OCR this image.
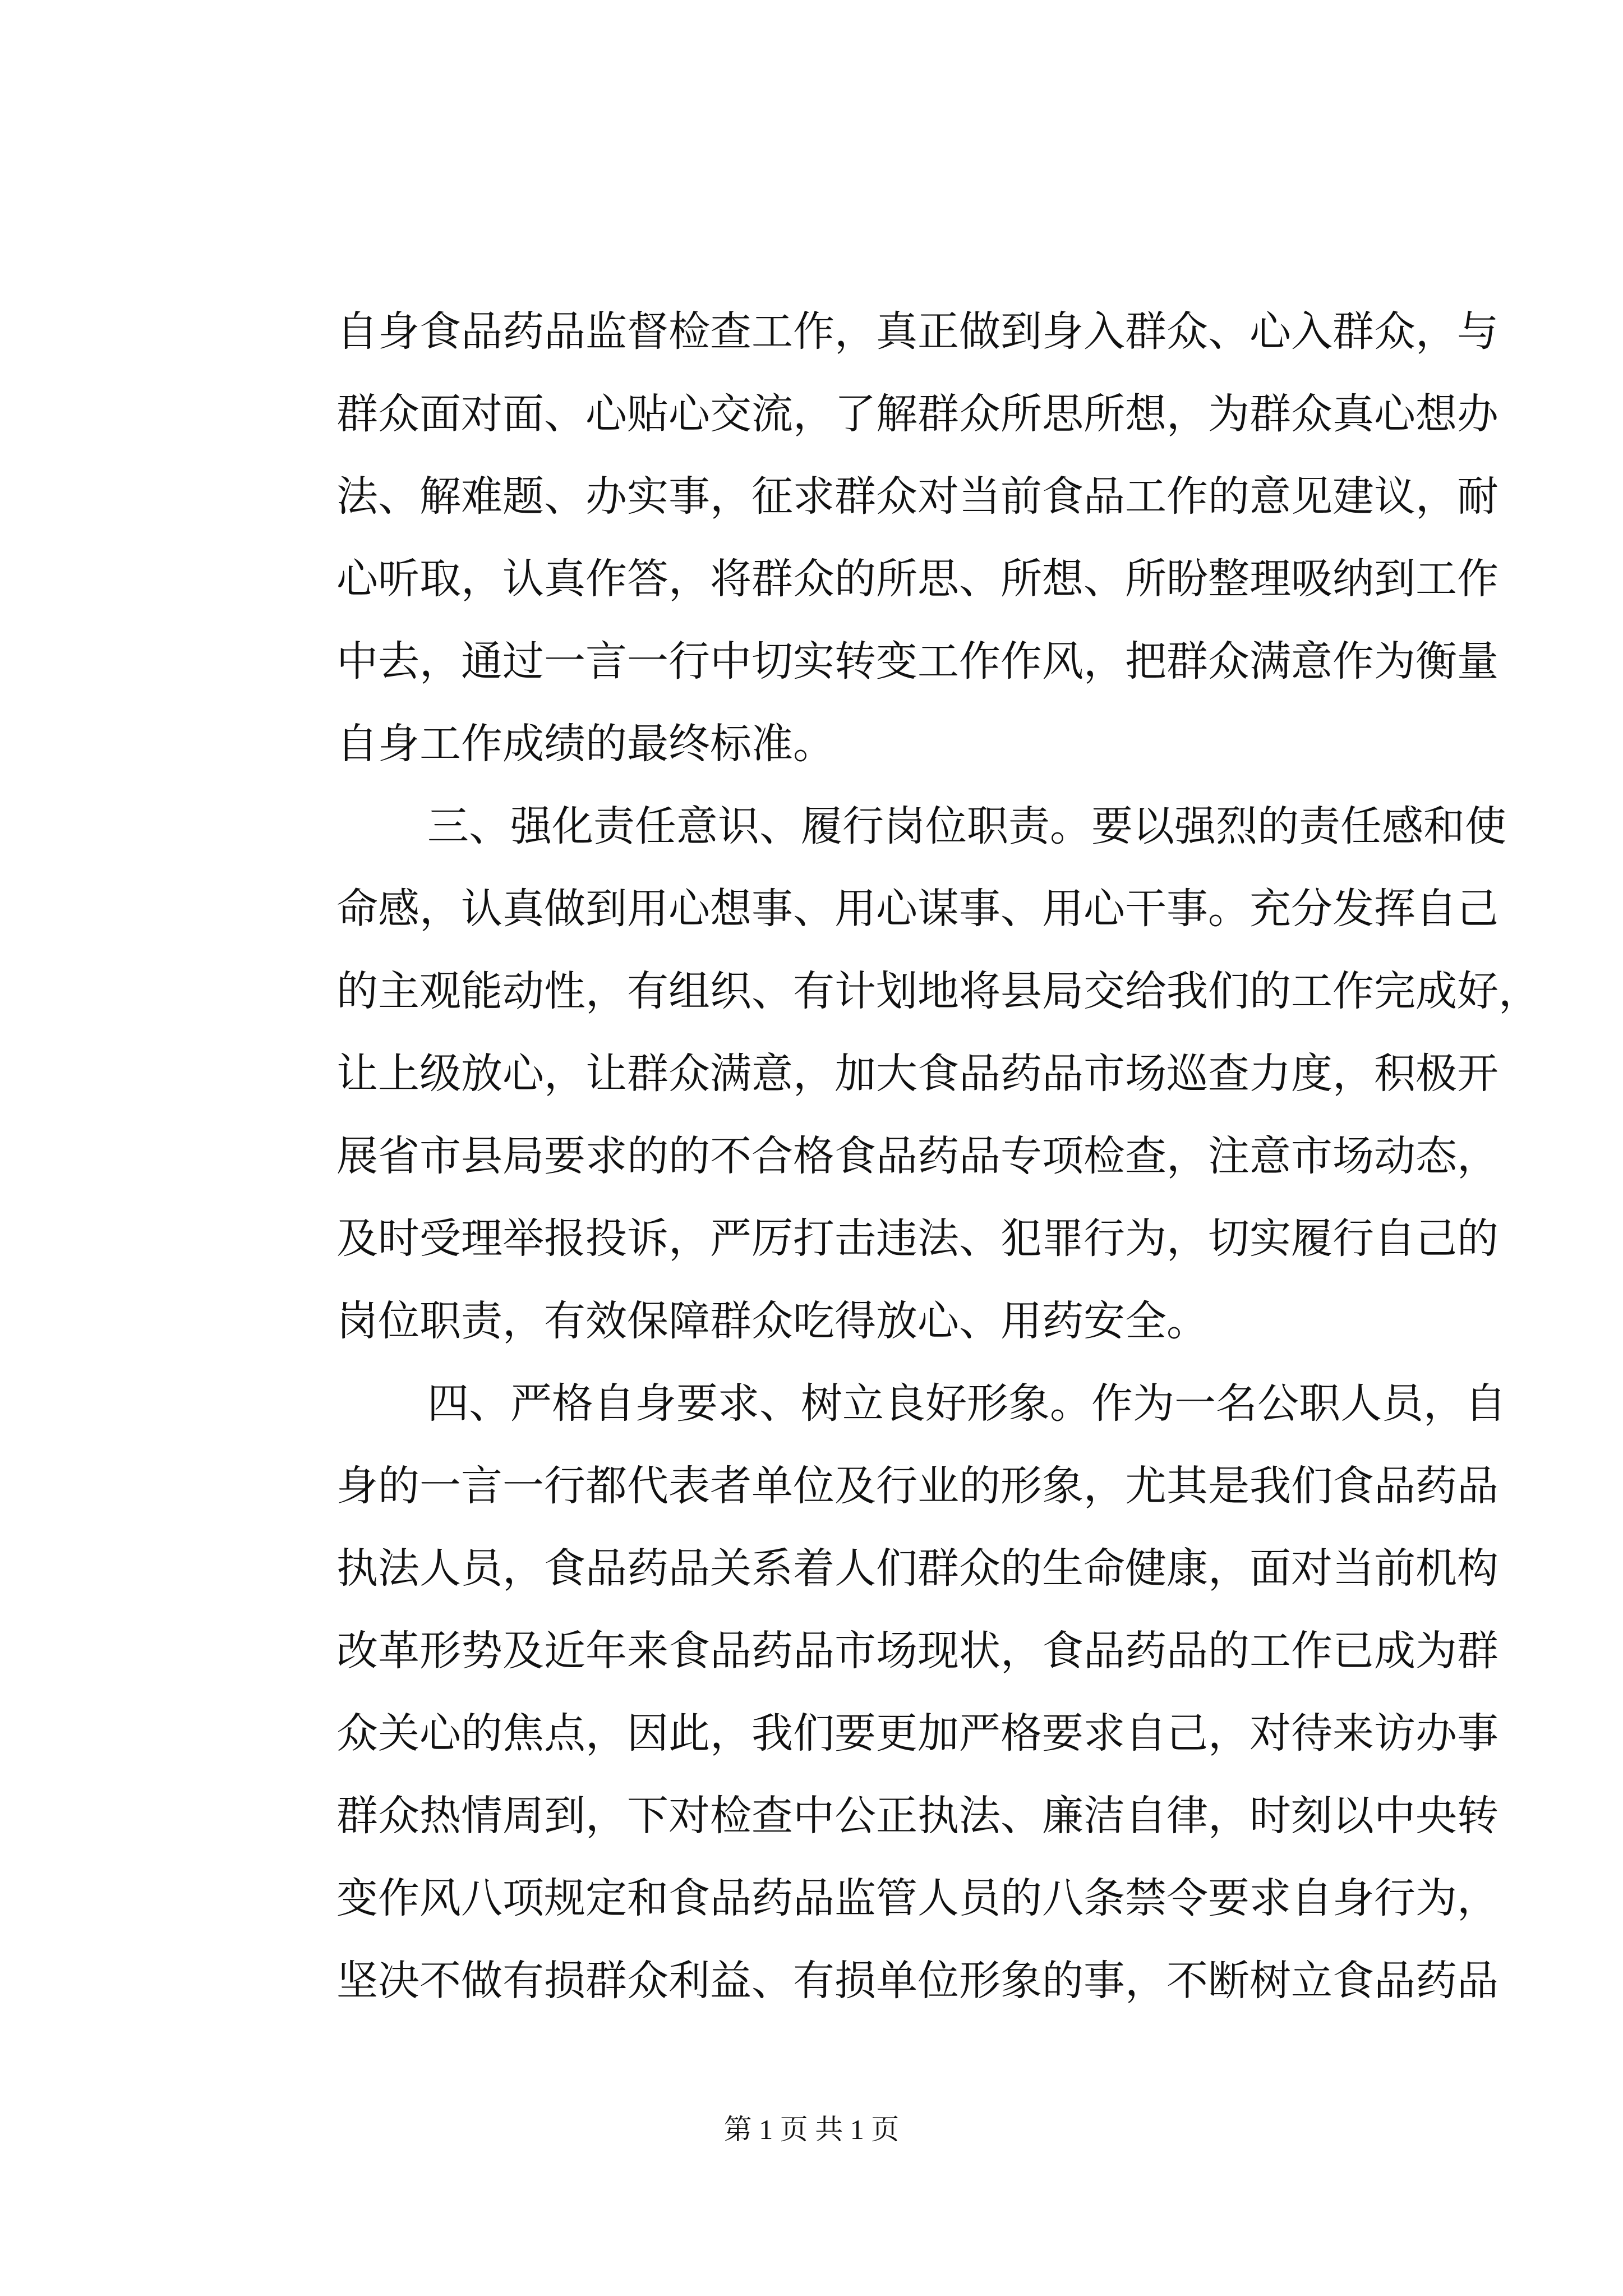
自身食品药品监督检查工作，真正做到身入群众、心入群众，与
群众面对面、心贴心交流，了解群众所思所想，为群众真心想办
法、解难题、办实事，征求群众对当前食品工作的意见建议，耐
心听取，认真作答，将群众的所思、所想、所盼整理吸纳到工作
中去，通过一言一行中切实转变工作作风，把群众满意作为衡量
自身工作成绩的最终标准。
三、强化责任意识、履行岗位职责。要以强烈的责任感和使
命感，认真做到用心想事、用心谋事、用心干事。充分发挥自己
的主观能动性，有组织、有计划地将县局交给我们的工作完成好，
让上级放心，让群众满意，加大食品药品市场巡查力度，积极开
展省市县局要求的的不合格食品药品专项检查，注意市场动态，
及时受理举报投诉，严厉打击违法、犯罪行为，切实履行自己的
岗位职责，有效保障群众吃得放心、用药安全。
四、严格自身要求、树立良好形象。作为一名公职人员，自
身的一言一行都代表者单位及行业的形象，尤其是我们食品药品
执法人员，食品药品关系着人们群众的生命健康，面对当前机构
改革形势及近年来食品药品市场现状，食品药品的工作已成为群
众关心的焦点，因此，我们要更加严格要求自己，对待来访办事
群众热情周到，下对检查中公正执法、廉洁自律，时刻以中央转
变作风八项规定和食品药品监管人员的八条禁令要求自身行为，
坚决不做有损群众利益、有损单位形象的事，不断树立食品药品
第 1 页 共 1 页
